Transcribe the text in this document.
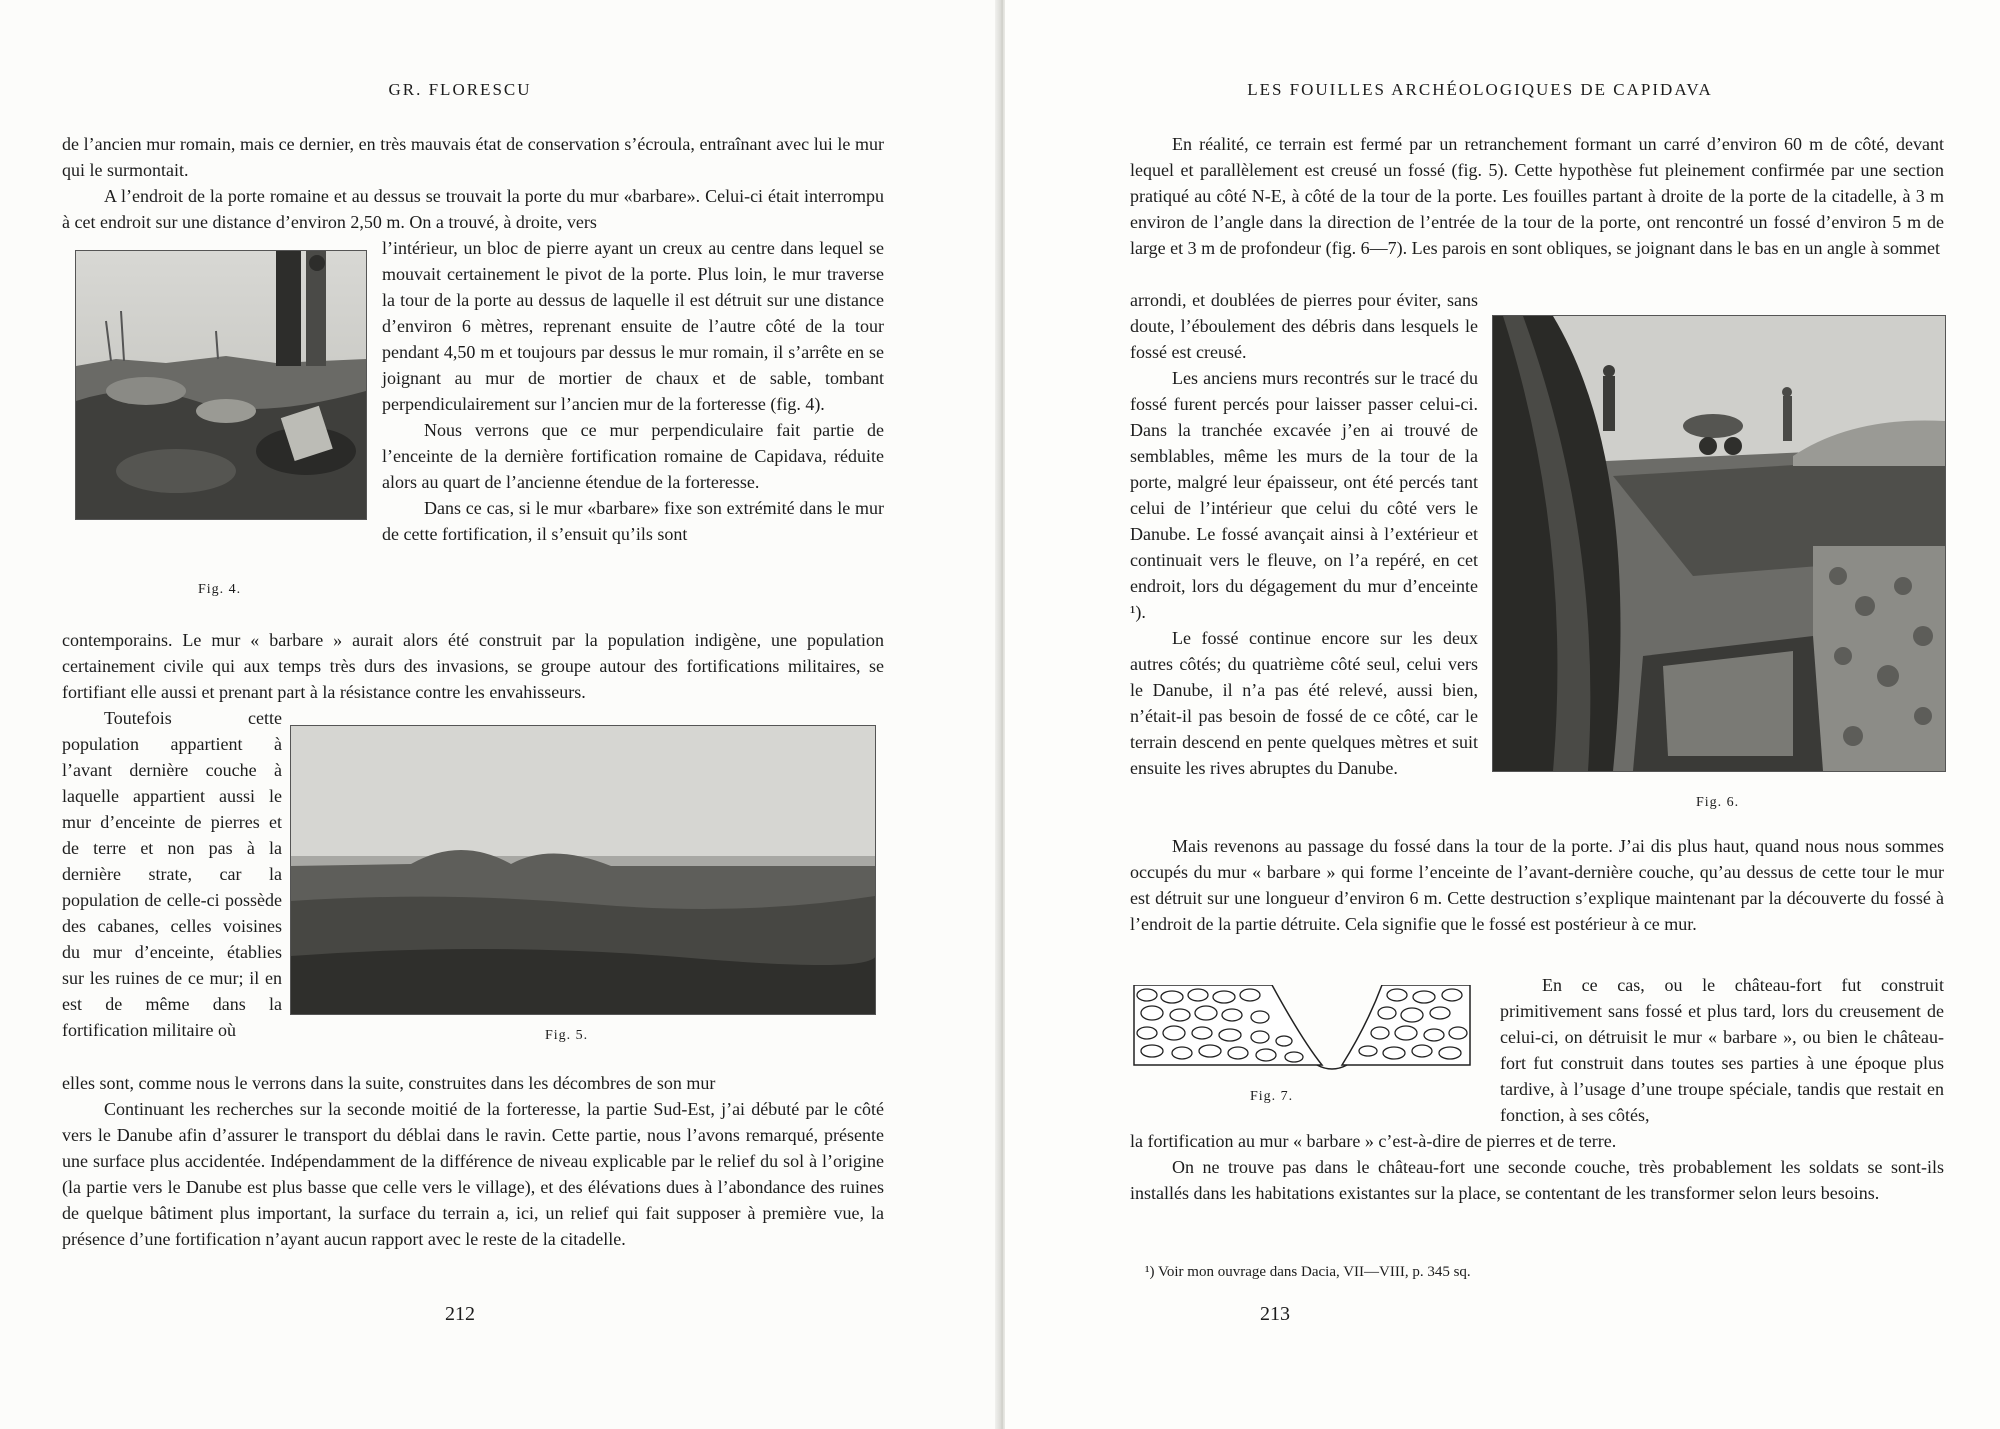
GR. FLORESCU

de l’ancien mur romain, mais ce dernier, en très mauvais état de conservation s’écroula, entraînant avec lui le mur qui le surmontait.

A l’endroit de la porte romaine et au dessus se trouvait la porte du mur «barbare». Celui-ci était interrompu à cet endroit sur une distance d’environ 2,50 m. On a trouvé, à droite, vers

Fig. 4.

l’intérieur, un bloc de pierre ayant un creux au centre dans lequel se mouvait certainement le pivot de la porte. Plus loin, le mur traverse la tour de la porte au dessus de laquelle il est détruit sur une distance d’environ 6 mètres, reprenant ensuite de l’autre côté de la tour pendant 4,50 m et toujours par dessus le mur romain, il s’arrête en se joignant au mur de mortier de chaux et de sable, tombant perpendiculairement sur l’ancien mur de la forteresse (fig. 4).

Nous verrons que ce mur perpendiculaire fait partie de l’enceinte de la dernière fortification romaine de Capidava, réduite alors au quart de l’ancienne étendue de la forteresse.

Dans ce cas, si le mur «barbare» fixe son extrémité dans le mur de cette fortification, il s’ensuit qu’ils sont

contemporains. Le mur « barbare » aurait alors été construit par la population indigène, une population certainement civile qui aux temps très durs des invasions, se groupe autour des fortifications militaires, se fortifiant elle aussi et prenant part à la résistance contre les envahisseurs.

Toutefois cette population appartient à l’avant dernière couche à laquelle appartient aussi le mur d’enceinte de pierres et de terre et non pas à la dernière strate, car la population de celle-ci possède des cabanes, celles voisines du mur d’enceinte, établies sur les ruines de ce mur; il en est de même dans la fortification militaire où	Fig. 5.

elles sont, comme nous le verrons dans la suite, construites dans les décombres de son mur

Continuant les recherches sur la seconde moitié de la forteresse, la partie Sud-Est, j’ai débuté par le côté vers le Danube afin d’assurer le transport du déblai dans le ravin. Cette partie, nous l’avons remarqué, présente une surface plus accidentée. Indépendamment de la différence de niveau explicable par le relief du sol à l’origine (la partie vers le Danube est plus basse que celle vers le village), et des élévations dues à l’abondance des ruines de quelque bâtiment plus important, la surface du terrain a, ici, un relief qui fait supposer à première vue, la présence d’une fortification n’ayant aucun rapport avec le reste de la citadelle.

212
LES FOUILLES ARCHÉOLOGIQUES DE CAPIDAVA

En réalité, ce terrain est fermé par un retranchement formant un carré d’environ 60 m de côté, devant lequel et parallèlement est creusé un fossé (fig. 5). Cette hypothèse fut pleinement confirmée par une section pratiqué au côté N-E, à côté de la tour de la porte. Les fouilles partant à droite de la porte de la citadelle, à 3 m environ de l’angle dans la direction de l’entrée de la tour de la porte, ont rencontré un fossé d’environ 5 m de large et 3 m de profondeur (fig. 6—7). Les parois en sont obliques, se joignant dans le bas en un angle à sommet

arrondi, et doublées de pierres pour éviter, sans doute, l’éboulement des débris dans lesquels le fossé est creusé.

Les anciens murs recontrés sur le tracé du fossé furent percés pour laisser passer celui-ci. Dans la tranchée excavée j’en ai trouvé de semblables, même les murs de la tour de la porte, malgré leur épaisseur, ont été percés tant celui de l’intérieur que celui du côté vers le Danube. Le fossé avançait ainsi à l’extérieur et continuait vers le fleuve, on l’a repéré, en cet endroit, lors du dégagement du mur d’enceinte ¹).

Le fossé continue encore sur les deux autres côtés; du quatrième côté seul, celui vers le Danube, il n’a pas été relevé, aussi bien, n’était-il pas besoin de fossé de ce côté, car le terrain descend en pente quelques mètres et suit ensuite les rives abruptes du Danube.

Fig. 6.

Mais revenons au passage du fossé dans la tour de la porte. J’ai dis plus haut, quand nous nous sommes occupés du mur « barbare » qui forme l’enceinte de l’avant-dernière couche, qu’au dessus de cette tour le mur est détruit sur une longueur d’environ 6 m. Cette destruction s’explique maintenant par la découverte du fossé à l’endroit de la partie détruite. Cela signifie que le fossé est postérieur à ce mur.

Fig. 7.

En ce cas, ou le château-fort fut construit primitivement sans fossé et plus tard, lors du creusement de celui-ci, on détruisit le mur « barbare », ou bien le château-fort fut construit dans toutes ses parties à une époque plus tardive, à l’usage d’une troupe spéciale, tandis que restait en fonction, à ses côtés,

la fortification au mur « barbare » c’est-à-dire de pierres et de terre.

On ne trouve pas dans le château-fort une seconde couche, très probablement les soldats se sont-ils installés dans les habitations existantes sur la place, se contentant de les transformer selon leurs besoins.

¹) Voir mon ouvrage dans Dacia, VII—VIII, p. 345 sq.
213
